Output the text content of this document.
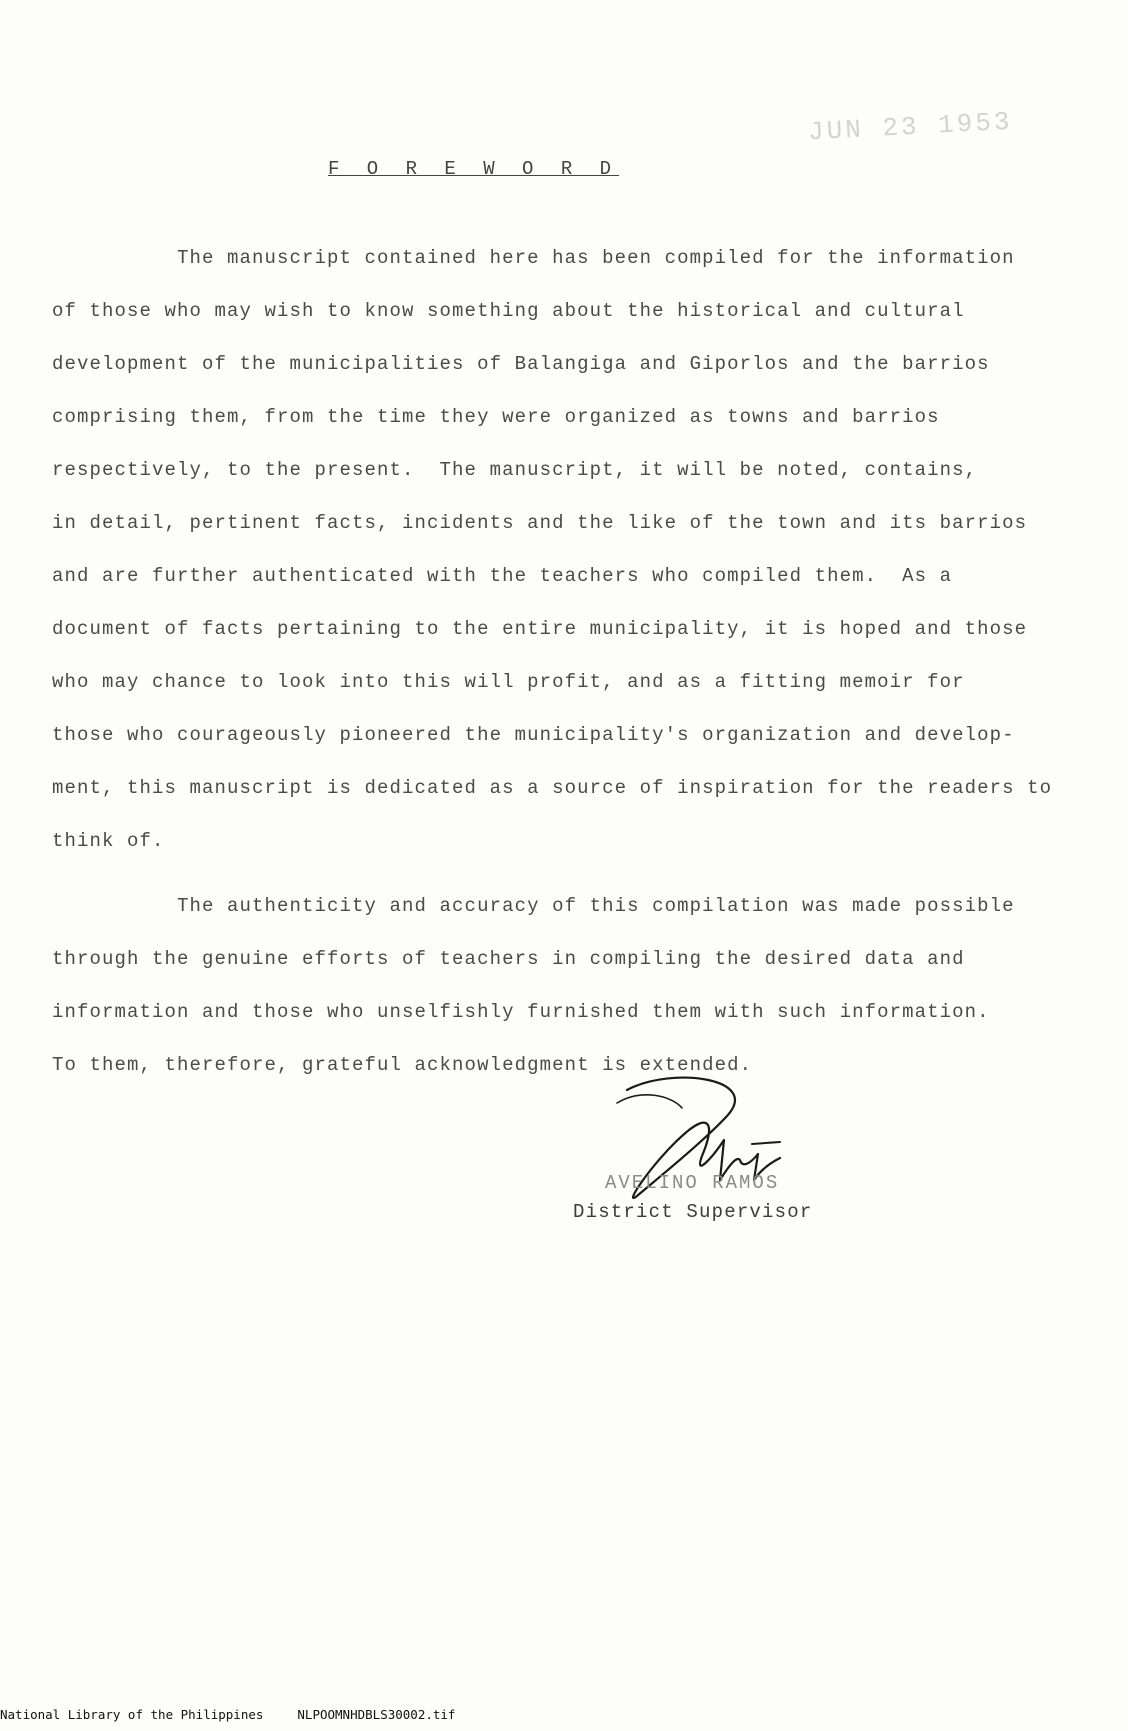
JUN 23 1953
F O R E W O R D
The manuscript contained here has been compiled for the information
of those who may wish to know something about the historical and cultural
development of the municipalities of Balangiga and Giporlos and the barrios
comprising them, from the time they were organized as towns and barrios
respectively, to the present.  The manuscript, it will be noted, contains,
in detail, pertinent facts, incidents and the like of the town and its barrios
and are further authenticated with the teachers who compiled them.  As a
document of facts pertaining to the entire municipality, it is hoped and those
who may chance to look into this will profit, and as a fitting memoir for
those who courageously pioneered the municipality's organization and develop-
ment, this manuscript is dedicated as a source of inspiration for the readers to
think of.
The authenticity and accuracy of this compilation was made possible
through the genuine efforts of teachers in compiling the desired data and
information and those who unselfishly furnished them with such information.
To them, therefore, grateful acknowledgment is extended.
AVELINO RAMOS
District Supervisor
National Library of the Philippines	NLPOOMNHDBLS30002.tif
